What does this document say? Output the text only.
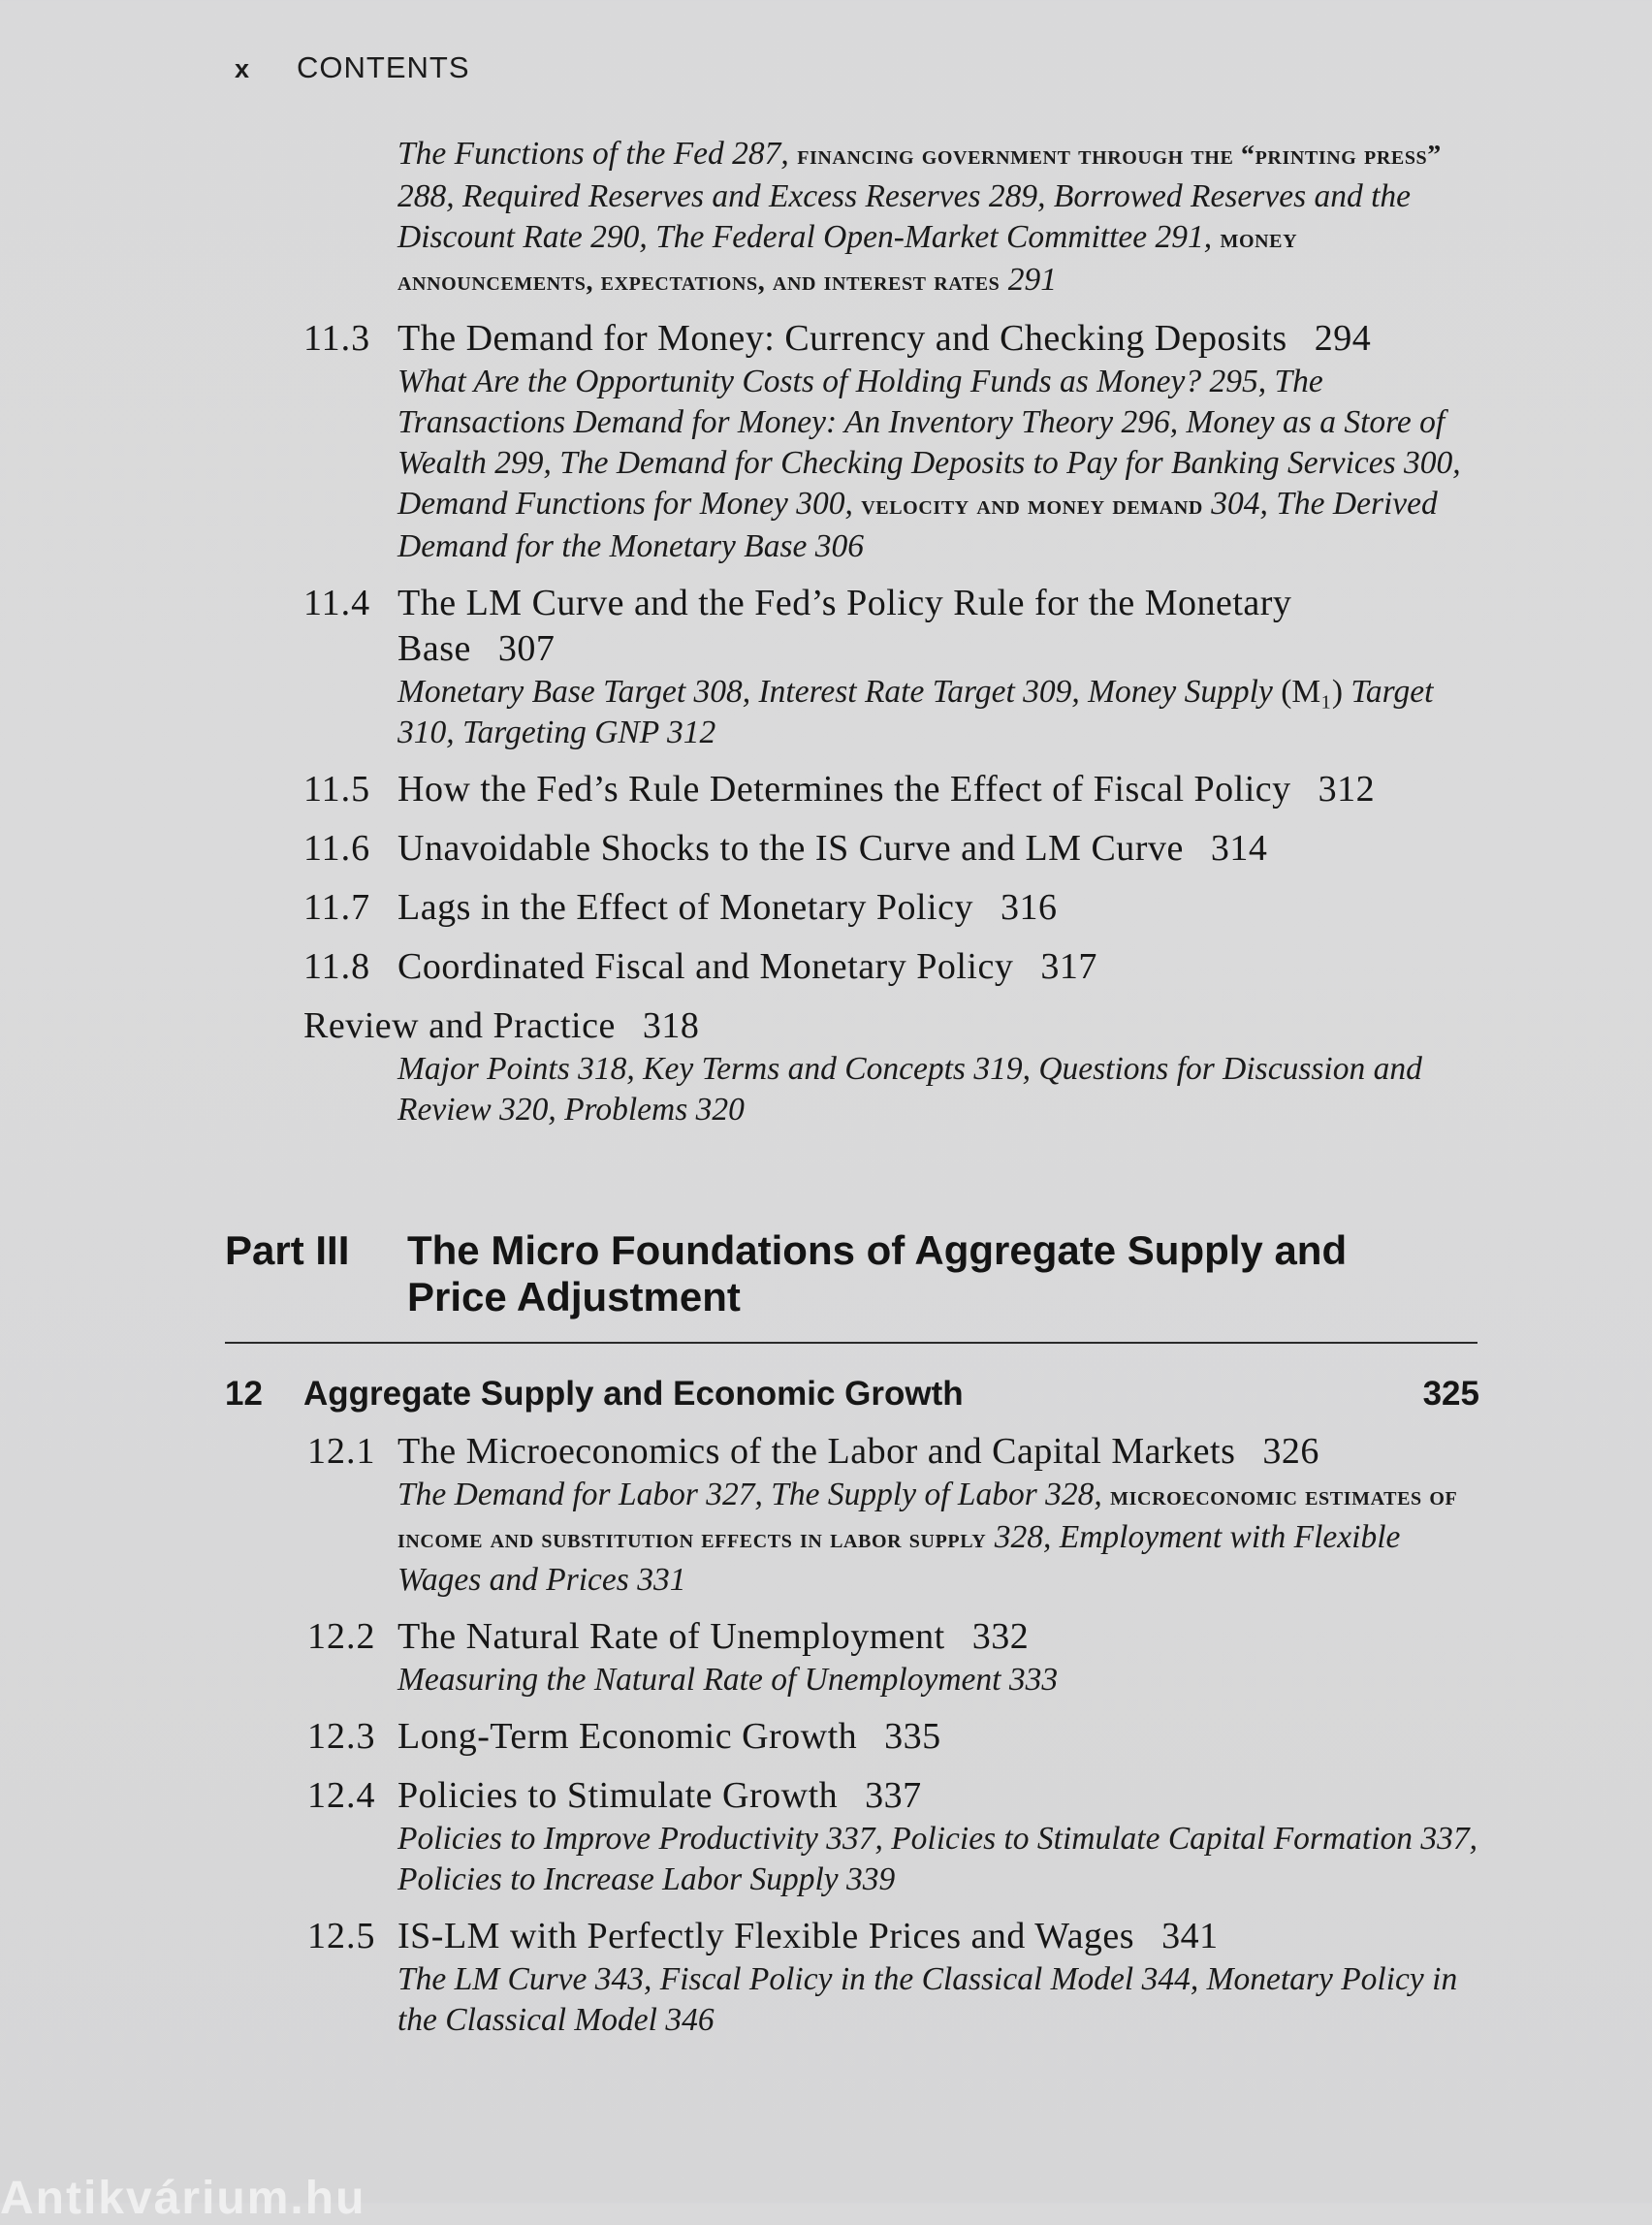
x CONTENTS
The Functions of the Fed 287, financing government through the “printing press” 288, Required Reserves and Excess Reserves 289, Borrowed Reserves and the Discount Rate 290, The Federal Open-Market Committee 291, money announcements, expectations, and interest rates 291
11.3 The Demand for Money: Currency and Checking Deposits 294
What Are the Opportunity Costs of Holding Funds as Money? 295, The Transactions Demand for Money: An Inventory Theory 296, Money as a Store of Wealth 299, The Demand for Checking Deposits to Pay for Banking Services 300, Demand Functions for Money 300, velocity and money demand 304, The Derived Demand for the Monetary Base 306
11.4 The LM Curve and the Fed’s Policy Rule for the Monetary Base 307
Monetary Base Target 308, Interest Rate Target 309, Money Supply (M₁) Target 310, Targeting GNP 312
11.5 How the Fed’s Rule Determines the Effect of Fiscal Policy 312
11.6 Unavoidable Shocks to the IS Curve and LM Curve 314
11.7 Lags in the Effect of Monetary Policy 316
11.8 Coordinated Fiscal and Monetary Policy 317
Review and Practice 318
Major Points 318, Key Terms and Concepts 319, Questions for Discussion and Review 320, Problems 320
Part III The Micro Foundations of Aggregate Supply and Price Adjustment
12 Aggregate Supply and Economic Growth	325
12.1 The Microeconomics of the Labor and Capital Markets 326
The Demand for Labor 327, The Supply of Labor 328, microeconomic estimates of income and substitution effects in labor supply 328, Employment with Flexible Wages and Prices 331
12.2 The Natural Rate of Unemployment 332
Measuring the Natural Rate of Unemployment 333
12.3 Long-Term Economic Growth 335
12.4 Policies to Stimulate Growth 337
Policies to Improve Productivity 337, Policies to Stimulate Capital Formation 337, Policies to Increase Labor Supply 339
12.5 IS-LM with Perfectly Flexible Prices and Wages 341
The LM Curve 343, Fiscal Policy in the Classical Model 344, Monetary Policy in the Classical Model 346
Antikvárium.hu
